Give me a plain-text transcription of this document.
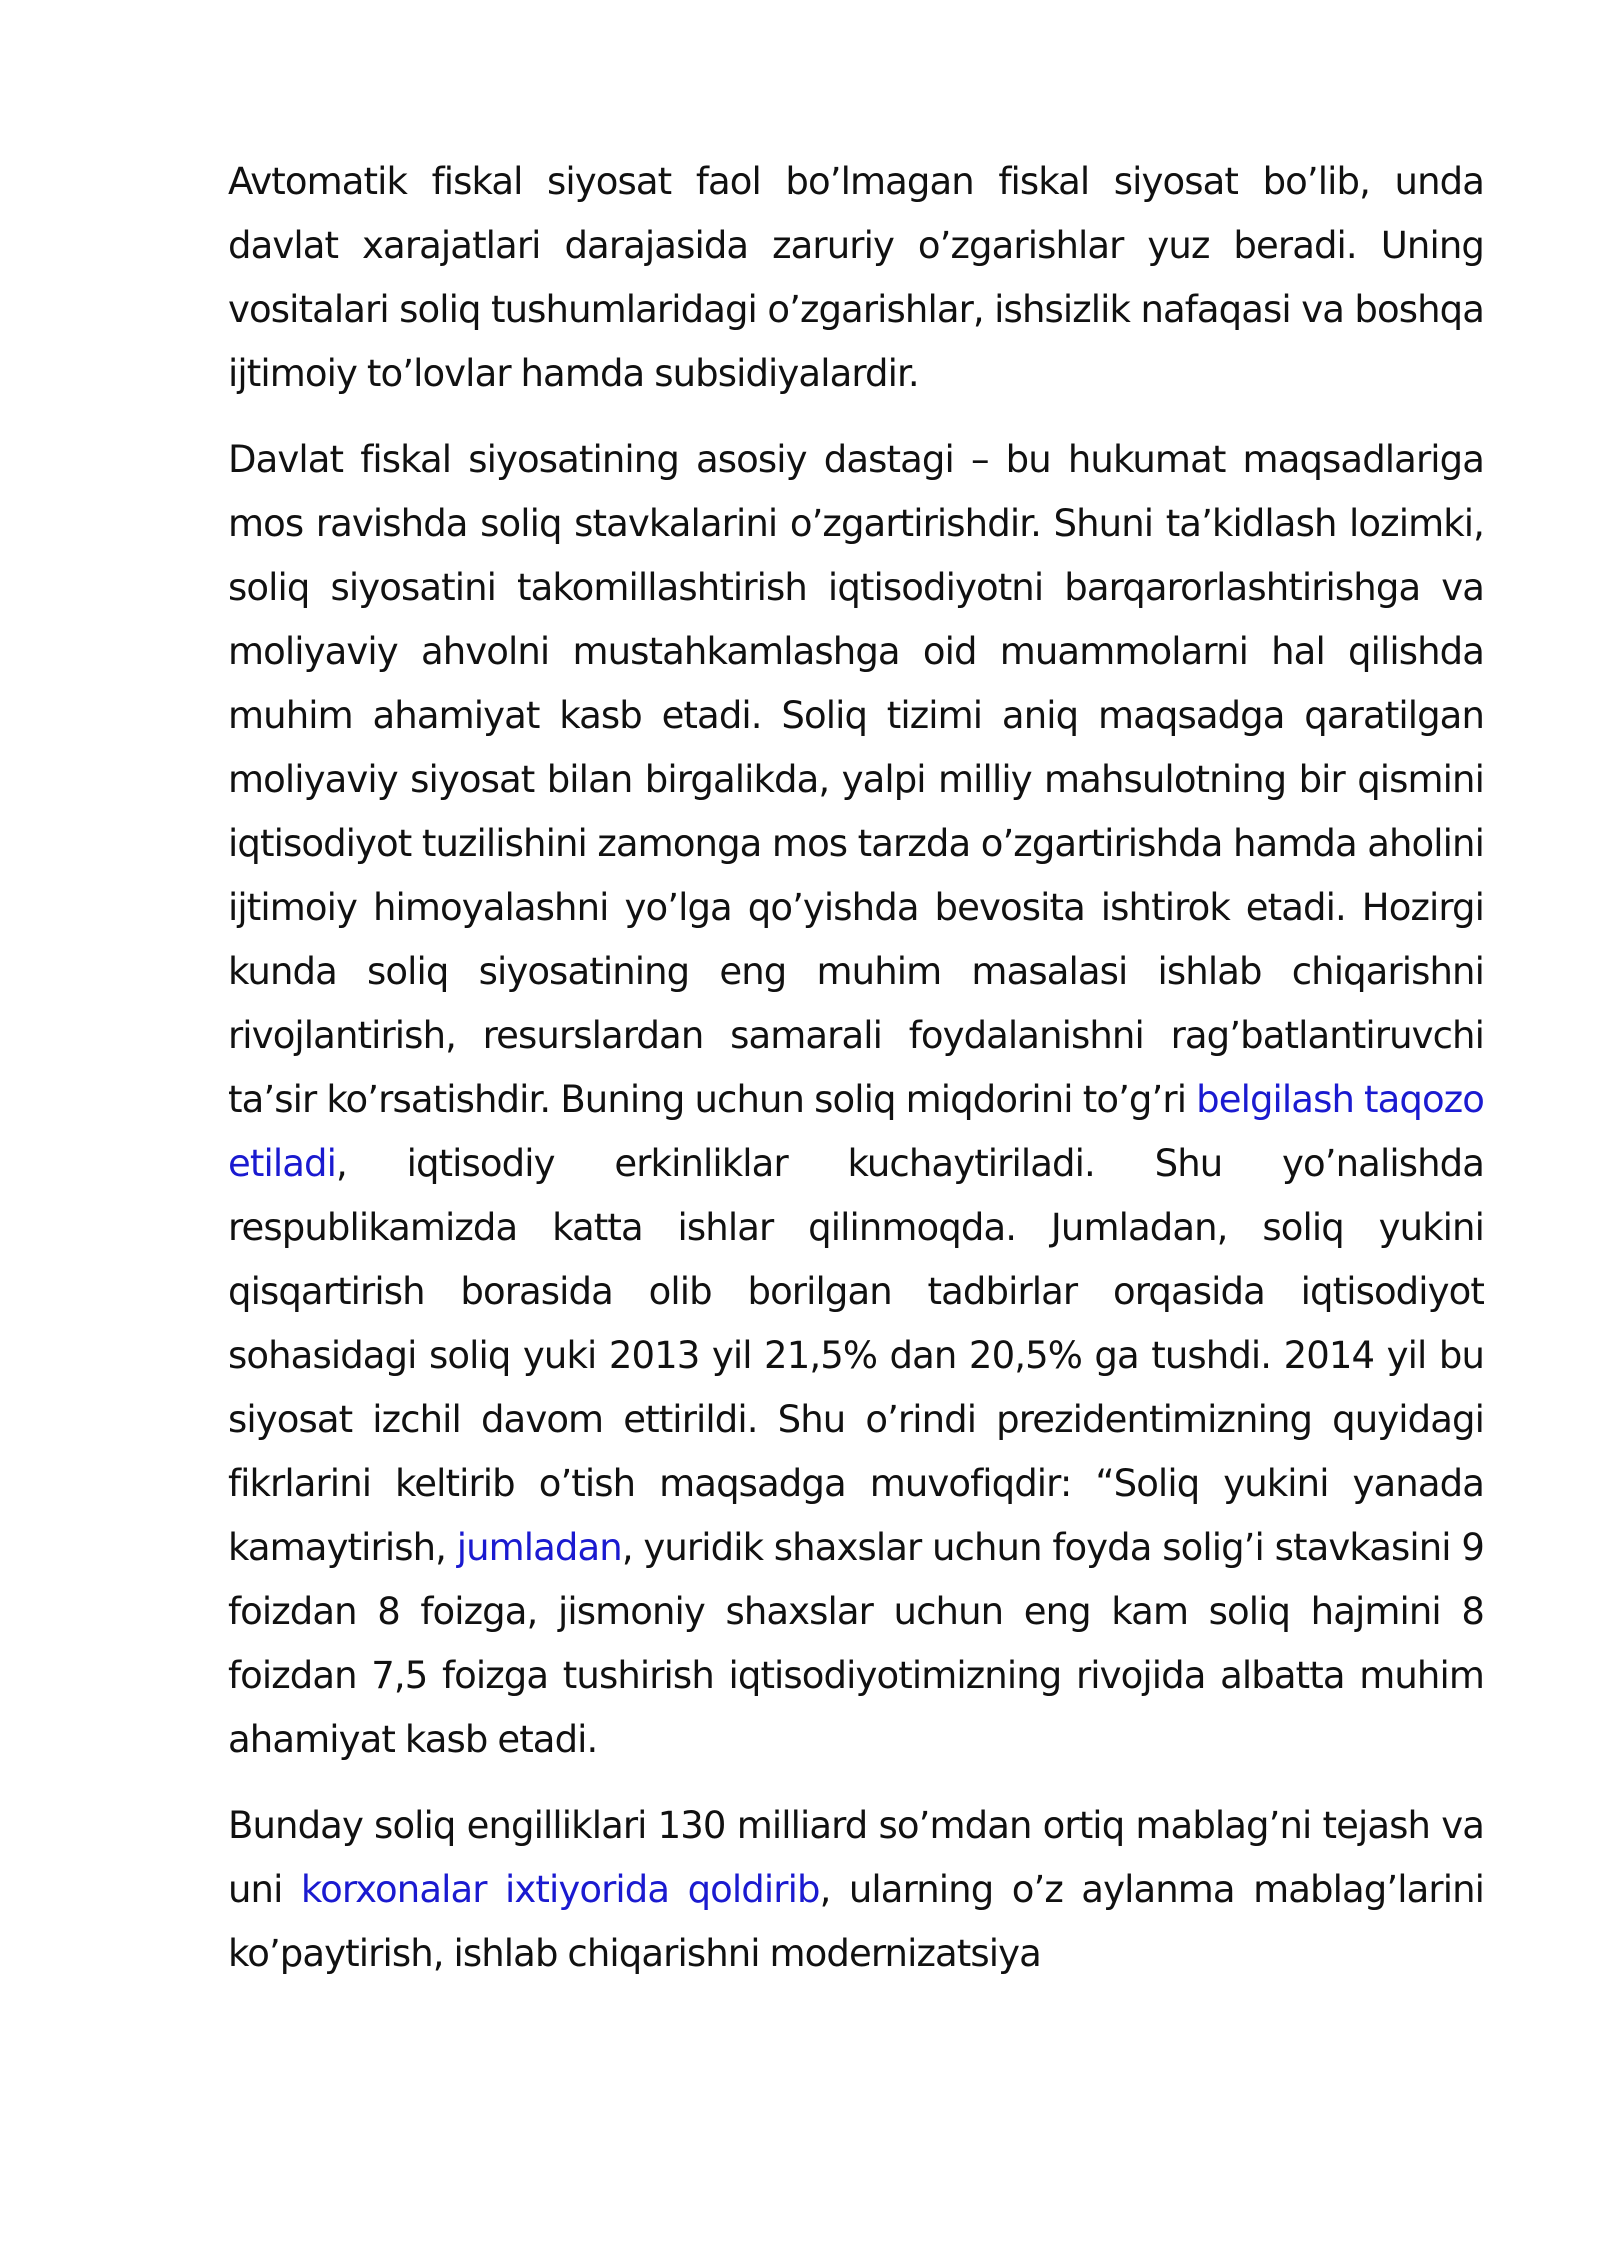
Avtomatik fiskal siyosat faol bo’lmagan fiskal siyosat bo’lib, unda davlat xarajatlari darajasida zaruriy o’zgarishlar yuz beradi. Uning vositalari soliq tushumlaridagi o’zgarishlar, ishsizlik nafaqasi va boshqa ijtimoiy to’lovlar hamda subsidiyalardir.

Davlat fiskal siyosatining asosiy dastagi – bu hukumat maqsadlariga mos ravishda soliq stavkalarini o’zgartirishdir. Shuni ta’kidlash lozimki, soliq siyosatini takomillashtirish iqtisodiyotni barqarorlashtirishga va moliyaviy ahvolni mustahkamlashga oid muammolarni hal qilishda muhim ahamiyat kasb etadi. Soliq tizimi aniq maqsadga qaratilgan moliyaviy siyosat bilan birgalikda, yalpi milliy mahsulotning bir qismini iqtisodiyot tuzilishini zamonga mos tarzda o’zgartirishda hamda aholini ijtimoiy himoyalashni yo’lga qo’yishda bevosita ishtirok etadi. Hozirgi kunda soliq siyosatining eng muhim masalasi ishlab chiqarishni rivojlantirish, resurslardan samarali foydalanishni rag’batlantiruvchi ta’sir ko’rsatishdir. Buning uchun soliq miqdorini to’g’ri belgilash taqozo etiladi, iqtisodiy erkinliklar kuchaytiriladi. Shu yo’nalishda respublikamizda katta ishlar qilinmoqda. Jumladan, soliq yukini qisqartirish borasida olib borilgan tadbirlar orqasida iqtisodiyot sohasidagi soliq yuki 2013 yil 21,5% dan 20,5% ga tushdi. 2014 yil bu siyosat izchil davom ettirildi. Shu o’rindi prezidentimizning quyidagi fikrlarini keltirib o’tish maqsadga muvofiqdir: “Soliq yukini yanada kamaytirish, jumladan, yuridik shaxslar uchun foyda solig’i stavkasini 9 foizdan 8 foizga, jismoniy shaxslar uchun eng kam soliq hajmini 8 foizdan 7,5 foizga tushirish iqtisodiyotimizning rivojida albatta muhim ahamiyat kasb etadi.

Bunday soliq engilliklari 130 milliard so’mdan ortiq mablag’ni tejash va uni korxonalar ixtiyorida qoldirib, ularning o’z aylanma mablag’larini ko’paytirish, ishlab chiqarishni modernizatsiya
